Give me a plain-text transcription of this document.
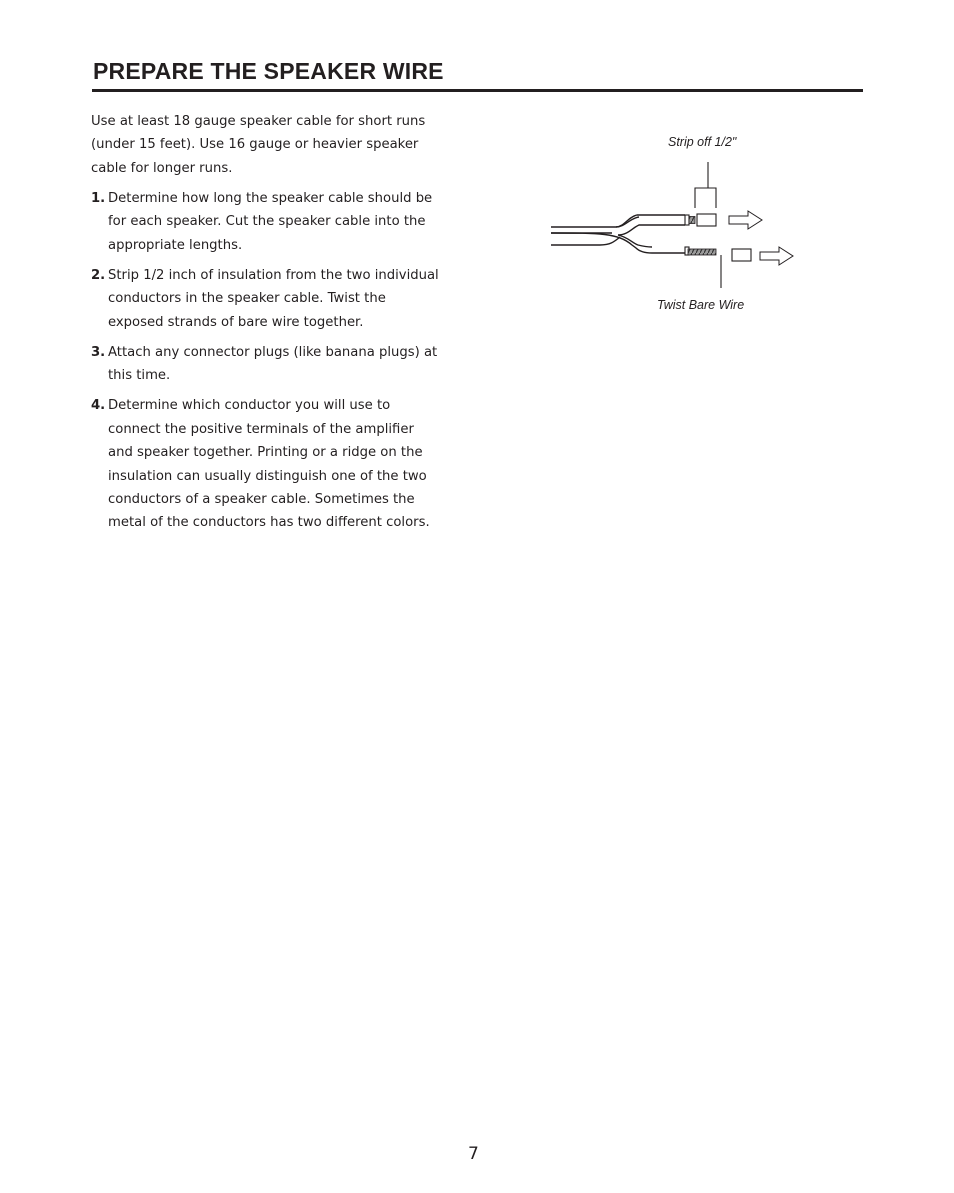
PREPARE THE SPEAKER WIRE

Use at least 18 gauge speaker cable for short runs (under 15 feet). Use 16 gauge or heavier speaker cable for longer runs.

1. Determine how long the speaker cable should be for each speaker. Cut the speaker cable into the appropriate lengths.
2. Strip 1/2 inch of insulation from the two individual conductors in the speaker cable. Twist the exposed strands of bare wire together.
3. Attach any connector plugs (like banana plugs) at this time.
4. Determine which conductor you will use to connect the positive terminals of the amplifier and speaker together. Printing or a ridge on the insulation can usually distinguish one of the two conductors of a speaker cable. Sometimes the metal of the conductors has two different colors.
Strip off 1/2"
Twist Bare Wire
7
